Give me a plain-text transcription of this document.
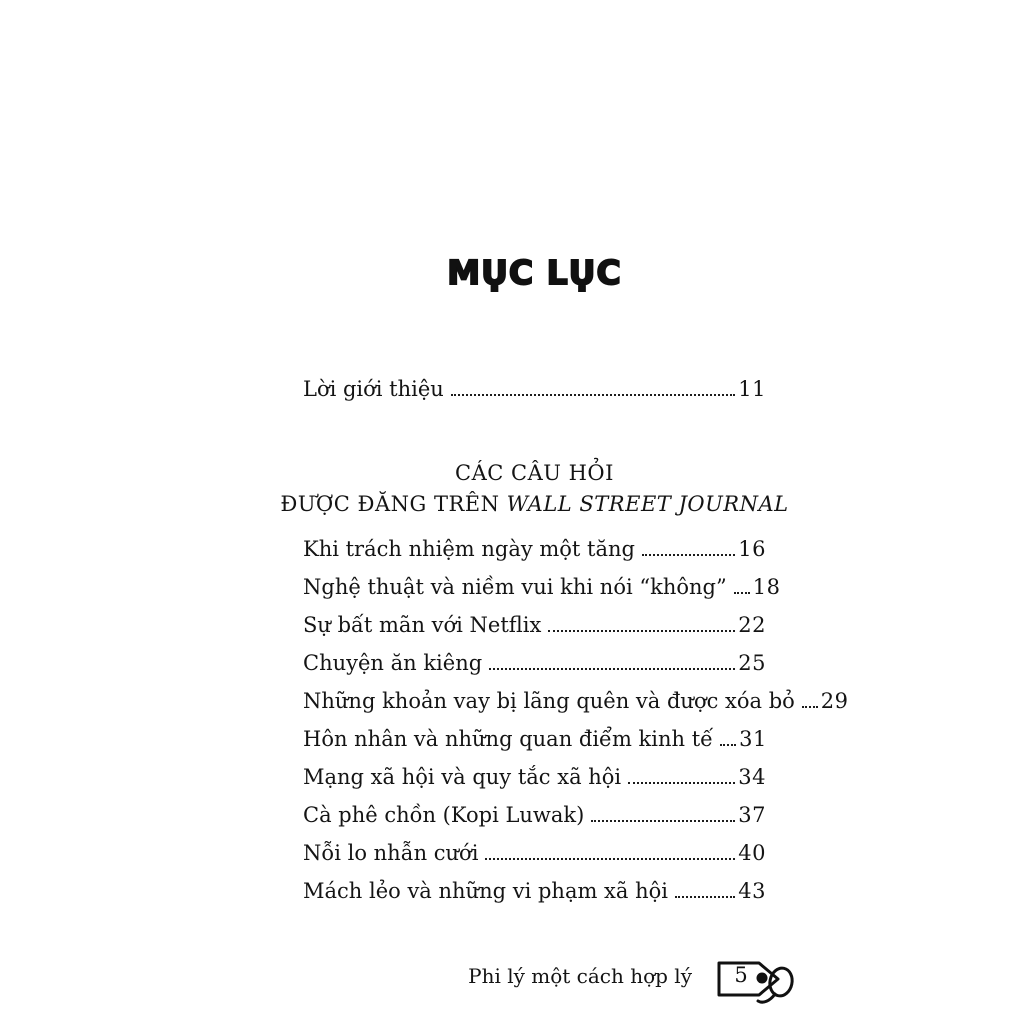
MỤC LỤC
Lời giới thiệu	11
CÁC CÂU HỎI
ĐƯỢC ĐĂNG TRÊN WALL STREET JOURNAL
Khi trách nhiệm ngày một tăng	16
Nghệ thuật và niềm vui khi nói “không” 18
Sự bất mãn với Netflix	22
Chuyện ăn kiêng	25
Những khoản vay bị lãng quên và được xóa bỏ 29
Hôn nhân và những quan điểm kinh tế 31
Mạng xã hội và quy tắc xã hội	34
Cà phê chồn (Kopi Luwak)	37
Nỗi lo nhẫn cưới	40
Mách lẻo và những vi phạm xã hội	43
Phi lý một cách hợp lý	5
